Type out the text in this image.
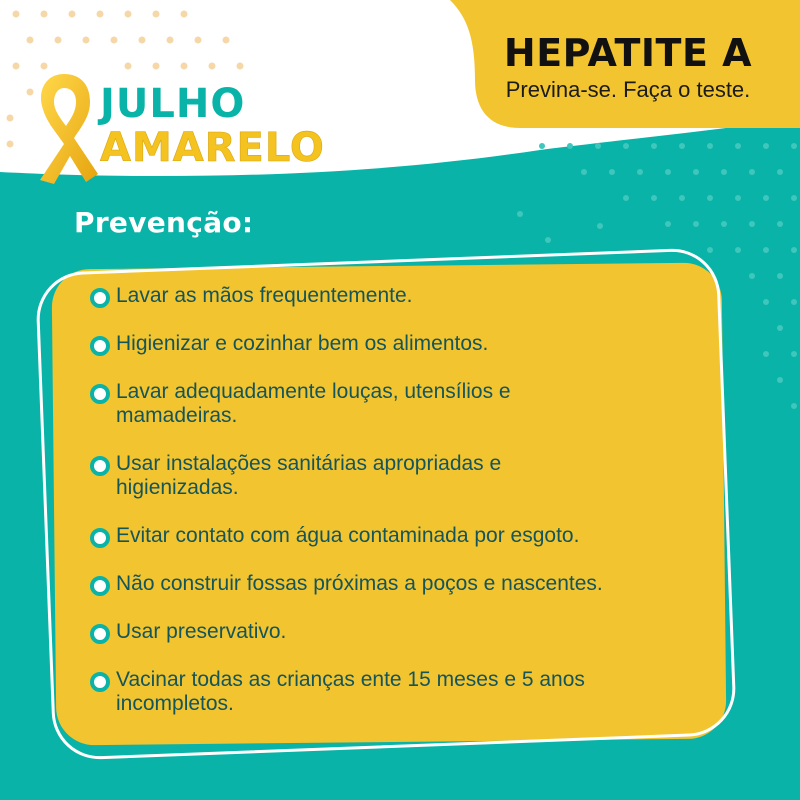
JULHO
AMARELO
HEPATITE A
Previna-se. Faça o teste.
Prevenção:
Lavar as mãos frequentemente.
Higienizar e cozinhar bem os alimentos.
Lavar adequadamente louças, utensílios e mamadeiras.
Usar instalações sanitárias apropriadas e higienizadas.
Evitar contato com água contaminada por esgoto.
Não construir fossas próximas a poços e nascentes.
Usar preservativo.
Vacinar todas as crianças ente 15 meses e 5 anos incompletos.
